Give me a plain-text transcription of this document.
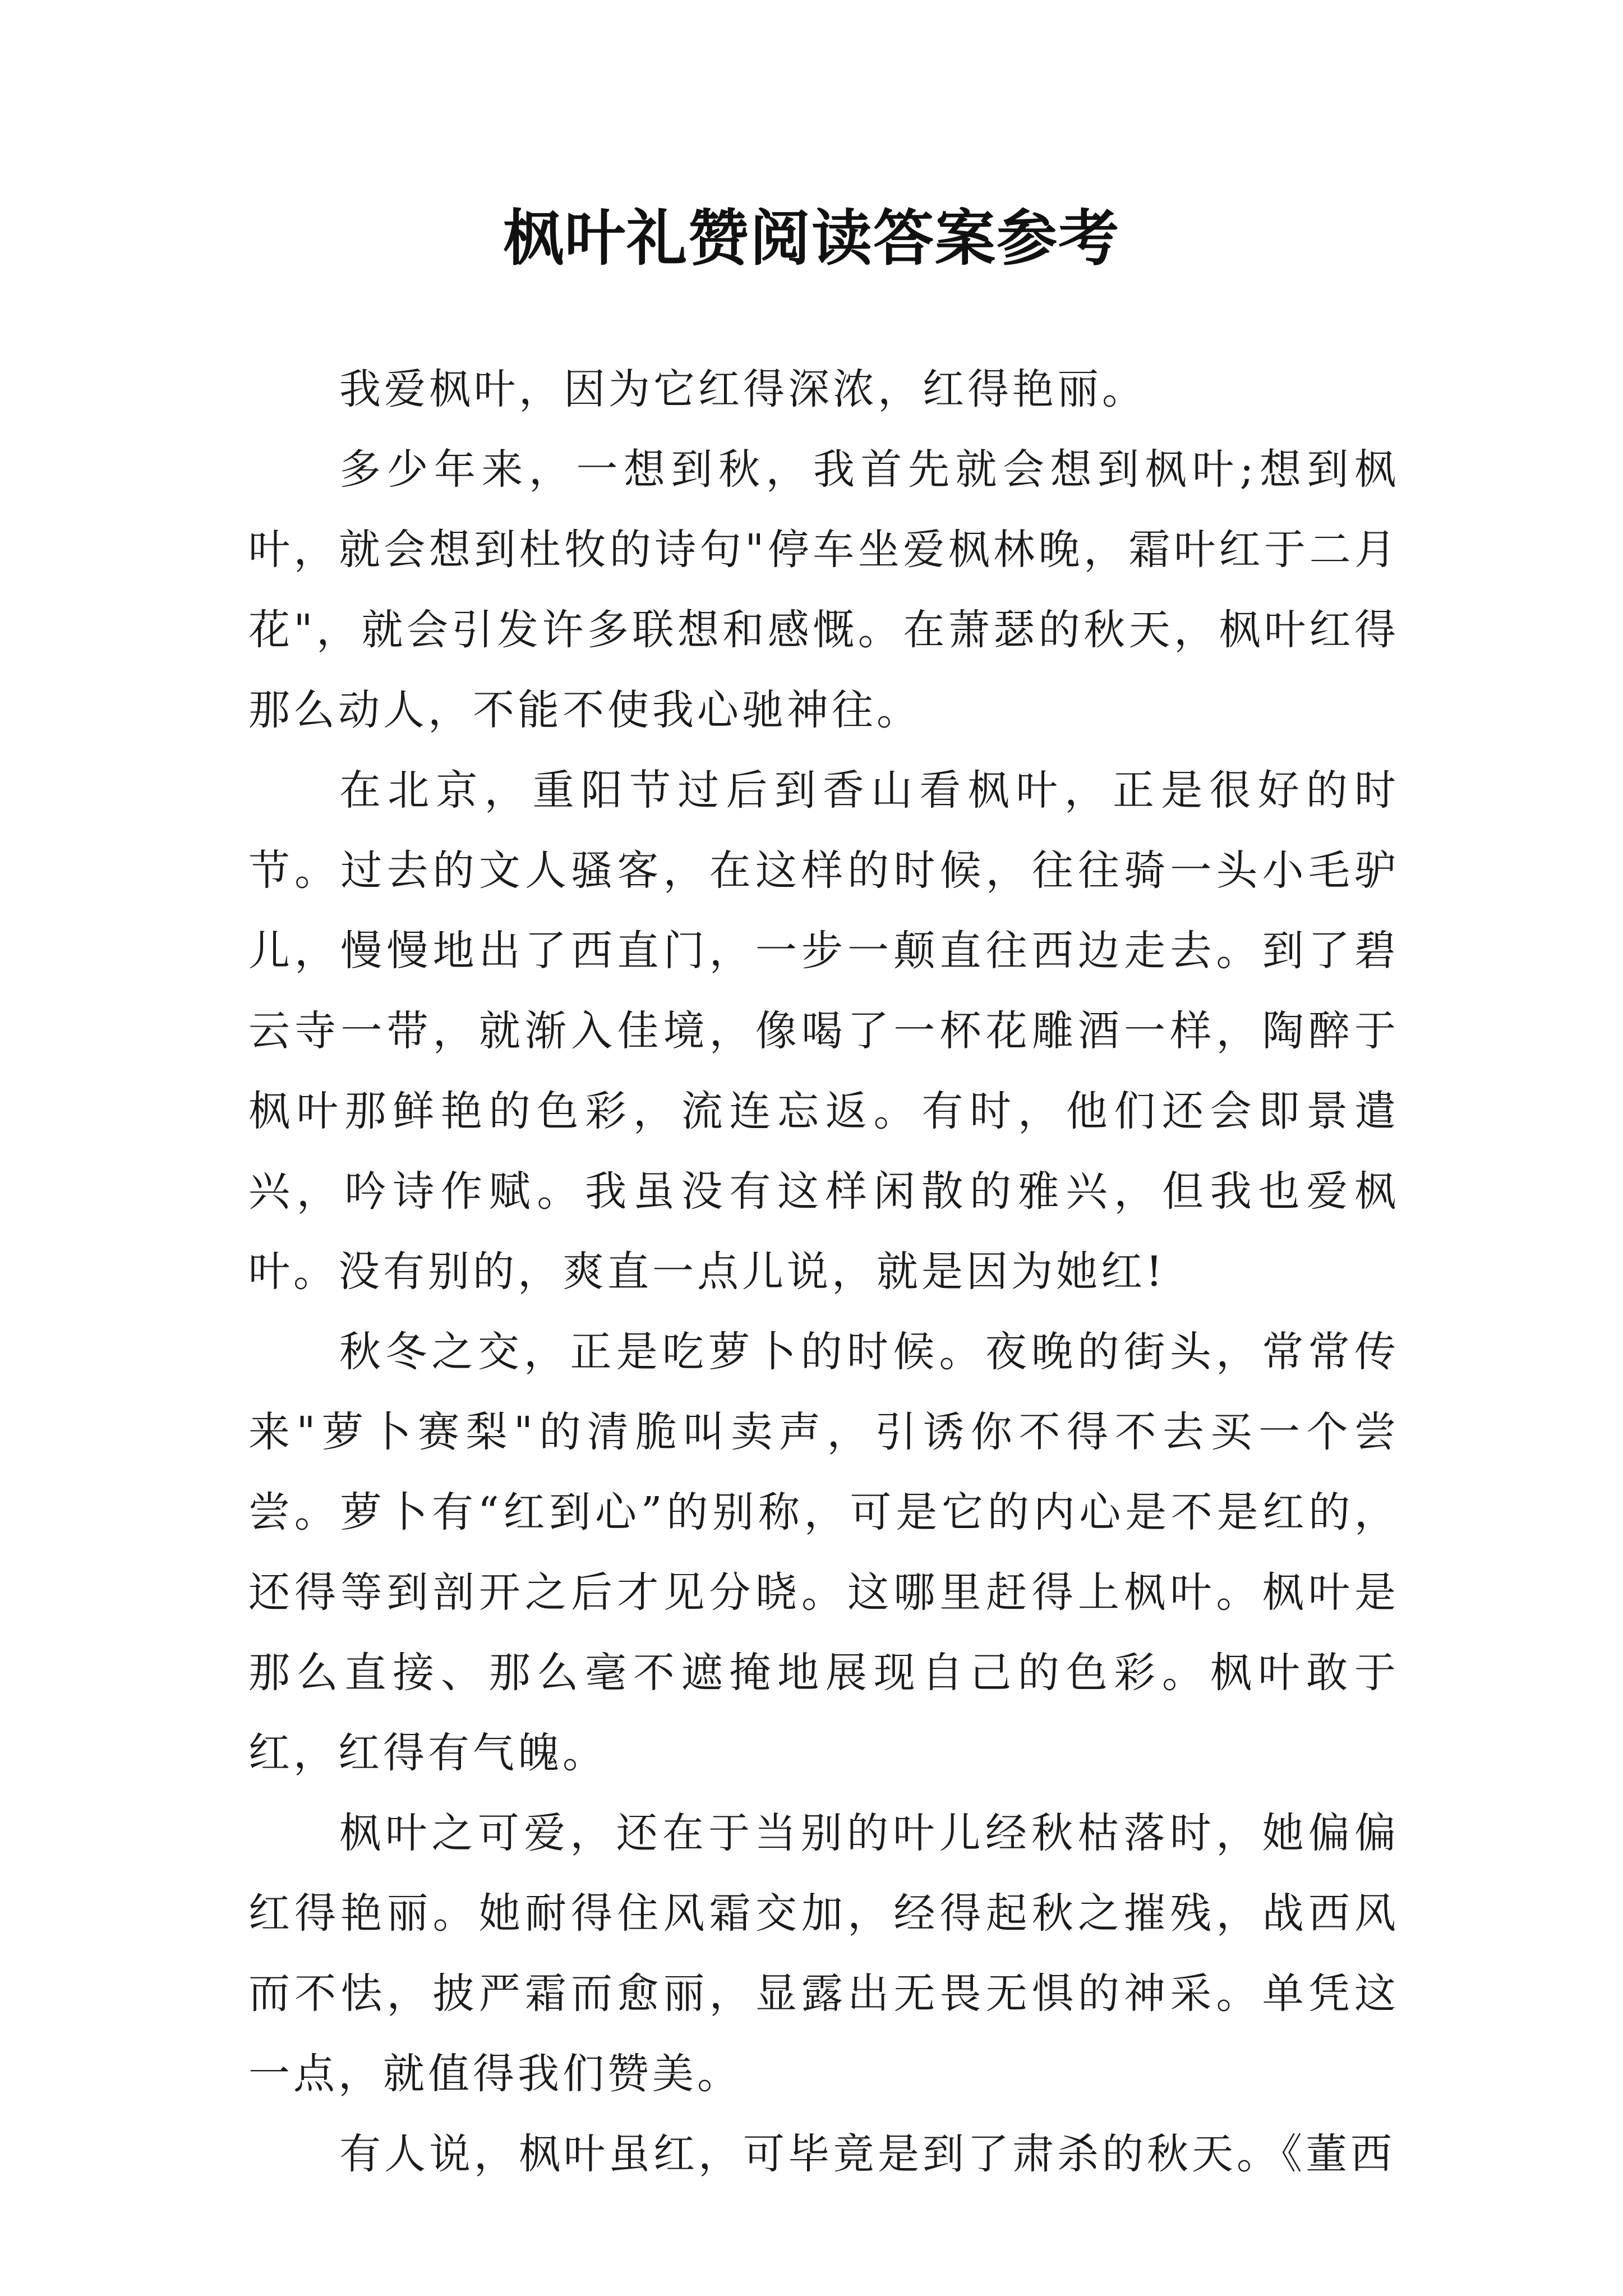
枫叶礼赞阅读答案参考

我爱枫叶，因为它红得深浓，红得艳丽。

多少年来，一想到秋，我首先就会想到枫叶;想到枫叶，就会想到杜牧的诗句"停车坐爱枫林晚，霜叶红于二月花"，就会引发许多联想和感慨。在萧瑟的秋天，枫叶红得那么动人，不能不使我心驰神往。

在北京，重阳节过后到香山看枫叶，正是很好的时节。过去的文人骚客，在这样的时候，往往骑一头小毛驴儿，慢慢地出了西直门，一步一颠直往西边走去。到了碧云寺一带，就渐入佳境，像喝了一杯花雕酒一样，陶醉于枫叶那鲜艳的色彩，流连忘返。有时，他们还会即景遣兴，吟诗作赋。我虽没有这样闲散的雅兴，但我也爱枫叶。没有别的，爽直一点儿说，就是因为她红!

秋冬之交，正是吃萝卜的时候。夜晚的街头，常常传来"萝卜赛梨"的清脆叫卖声，引诱你不得不去买一个尝尝。萝卜有“红到心”的别称，可是它的内心是不是红的，还得等到剖开之后才见分晓。这哪里赶得上枫叶。枫叶是那么直接、那么毫不遮掩地展现自己的色彩。枫叶敢于红，红得有气魄。

枫叶之可爱，还在于当别的叶儿经秋枯落时，她偏偏红得艳丽。她耐得住风霜交加，经得起秋之摧残，战西风而不怯，披严霜而愈丽，显露出无畏无惧的神采。单凭这一点，就值得我们赞美。

有人说，枫叶虽红，可毕竟是到了肃杀的秋天。《董西
